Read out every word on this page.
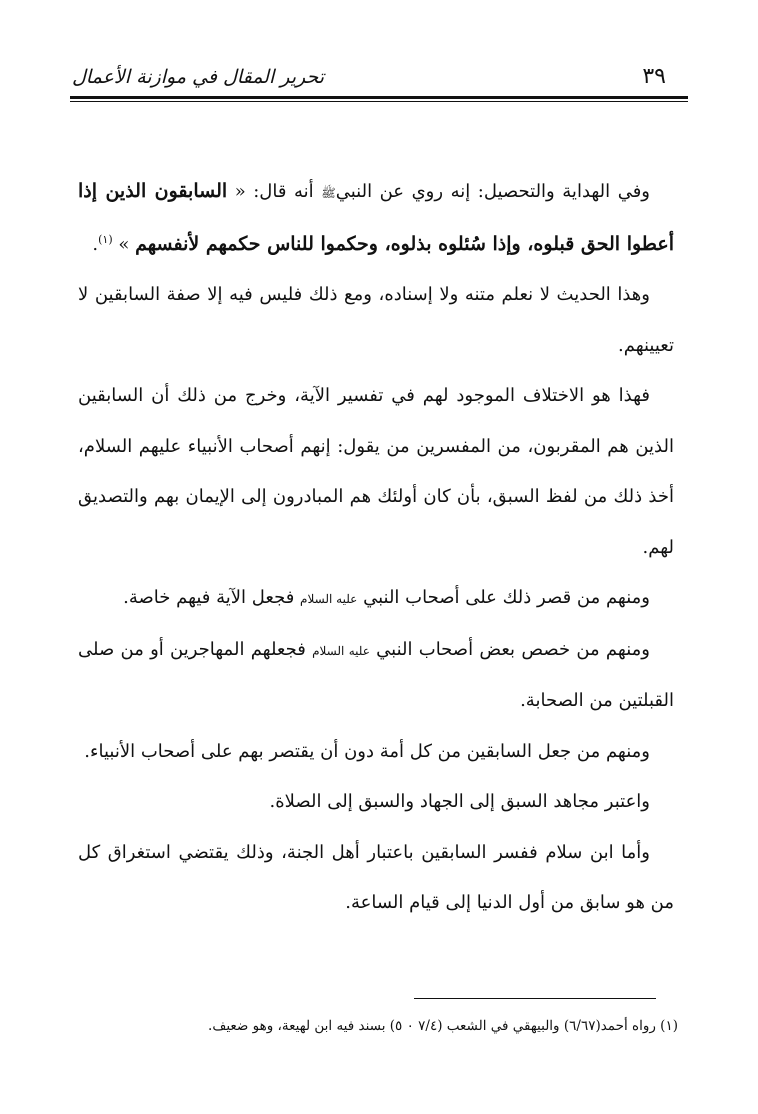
تحرير المقال في موازنة الأعمال	٣٩

وفي الهداية والتحصيل: إنه روي عن النبيﷺ أنه قال: « السابقون الذين إذا أعطوا الحق قبلوه، وإذا سُئلوه بذلوه، وحكموا للناس حكمهم لأنفسهم » $^{(١)}$.

وهذا الحديث لا نعلم متنه ولا إسناده، ومع ذلك فليس فيه إلا صفة السابقين لا تعيينهم.

فهذا هو الاختلاف الموجود لهم في تفسير الآية، وخرج من ذلك أن السابقين الذين هم المقربون، من المفسرين من يقول: إنهم أصحاب الأنبياء عليهم السلام، أخذ ذلك من لفظ السبق، بأن كان أولئك هم المبادرون إلى الإيمان بهم والتصديق لهم.

ومنهم من قصر ذلك على أصحاب النبي عليه السلام فجعل الآية فيهم خاصة.

ومنهم من خصص بعض أصحاب النبي عليه السلام فجعلهم المهاجرين أو من صلى القبلتين من الصحابة.

ومنهم من جعل السابقين من كل أمة دون أن يقتصر بهم على أصحاب الأنبياء.

واعتبر مجاهد السبق إلى الجهاد والسبق إلى الصلاة.

وأما ابن سلام ففسر السابقين باعتبار أهل الجنة، وذلك يقتضي استغراق كل من هو سابق من أول الدنيا إلى قيام الساعة.

(١) رواه أحمد(٦/٦٧) والبيهقي في الشعب (٧/٤ ٠ ٥) بسند فيه ابن لهيعة، وهو ضعيف.
